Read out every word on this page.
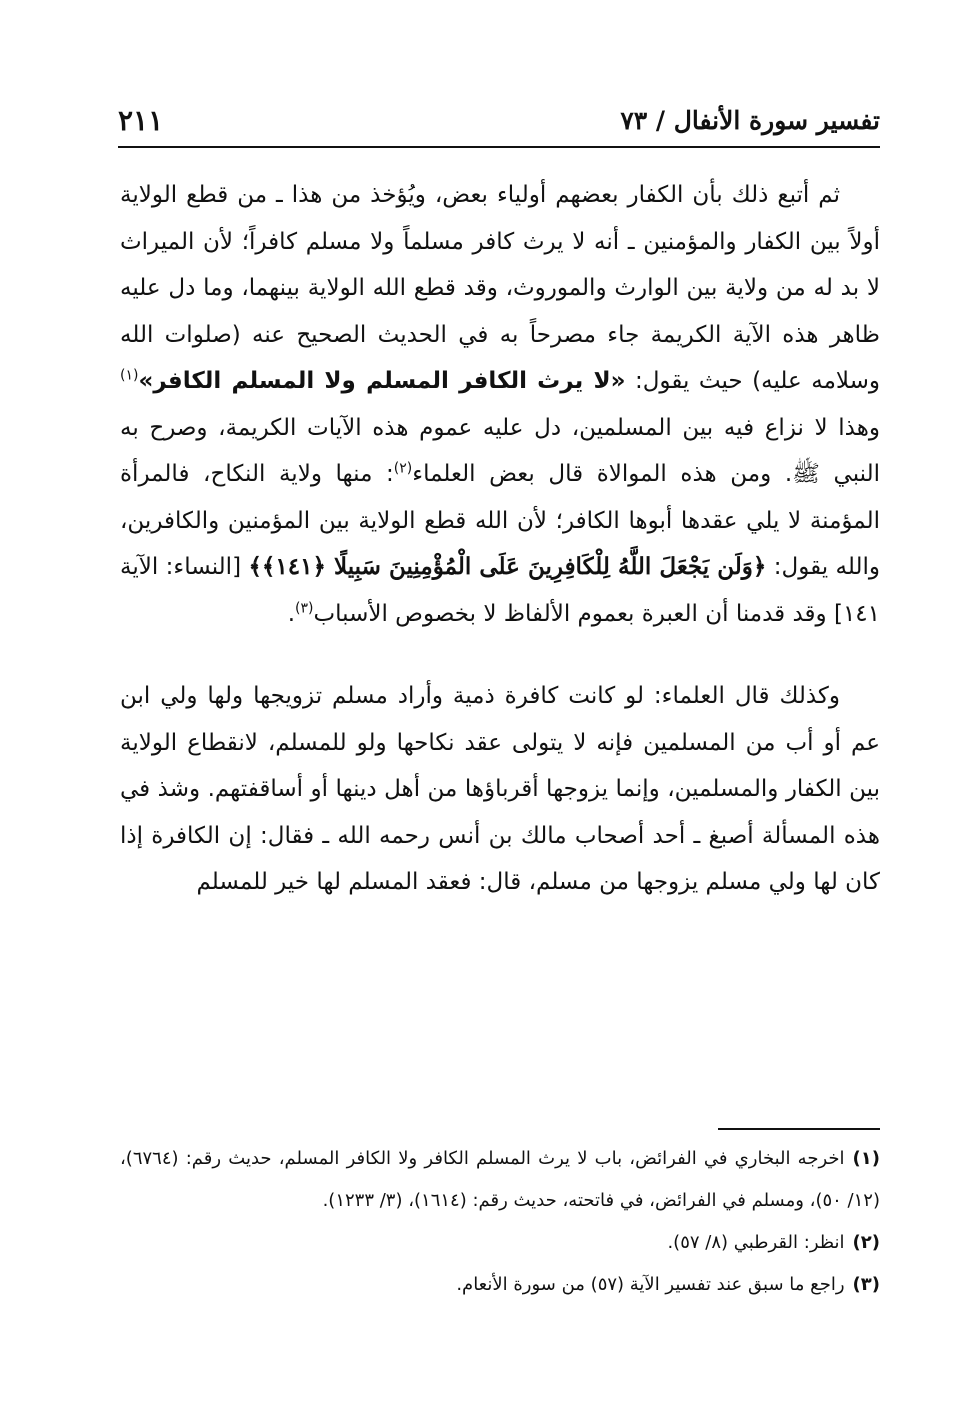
تفسير سورة الأنفال / ٧٣
٢١١

ثم أتبع ذلك بأن الكفار بعضهم أولياء بعض، ويُؤخذ من هذا ـ من قطع الولاية أولاً بين الكفار والمؤمنين ـ أنه لا يرث كافر مسلماً ولا مسلم كافراً؛ لأن الميراث لا بد له من ولاية بين الوارث والموروث، وقد قطع الله الولاية بينهما، وما دل عليه ظاهر هذه الآية الكريمة جاء مصرحاً به في الحديث الصحيح عنه (صلوات الله وسلامه عليه) حيث يقول: «لا يرث الكافر المسلم ولا المسلم الكافر»$^{(١)}$ وهذا لا نزاع فيه بين المسلمين، دل عليه عموم هذه الآيات الكريمة، وصرح به النبي ﷺ. ومن هذه الموالاة قال بعض العلماء$^{(٢)}$: منها ولاية النكاح، فالمرأة المؤمنة لا يلي عقدها أبوها الكافر؛ لأن الله قطع الولاية بين المؤمنين والكافرين، والله يقول: ﴿وَلَن يَجْعَلَ اللَّهُ لِلْكَافِرِينَ عَلَى الْمُؤْمِنِينَ سَبِيلًا ﴿١٤١﴾﴾ [النساء: الآية ١٤١] وقد قدمنا أن العبرة بعموم الألفاظ لا بخصوص الأسباب$^{(٣)}$.

وكذلك قال العلماء: لو كانت كافرة ذمية وأراد مسلم تزويجها ولها ولي ابن عم أو أب من المسلمين فإنه لا يتولى عقد نكاحها ولو للمسلم، لانقطاع الولاية بين الكفار والمسلمين، وإنما يزوجها أقرباؤها من أهل دينها أو أساقفتهم. وشذ في هذه المسألة أصبغ ـ أحد أصحاب مالك بن أنس رحمه الله ـ فقال: إن الكافرة إذا كان لها ولي مسلم يزوجها من مسلم، قال: فعقد المسلم لها خير للمسلم

(١)اخرجه البخاري في الفرائض، باب لا يرث المسلم الكافر ولا الكافر المسلم، حديث رقم: (٦٧٦٤)، (١٢/ ٥٠)، ومسلم في الفرائض، في فاتحته، حديث رقم: (١٦١٤)، (٣/ ١٢٣٣).

(٢)انظر: القرطبي (٨/ ٥٧).

(٣)راجع ما سبق عند تفسير الآية (٥٧) من سورة الأنعام.
